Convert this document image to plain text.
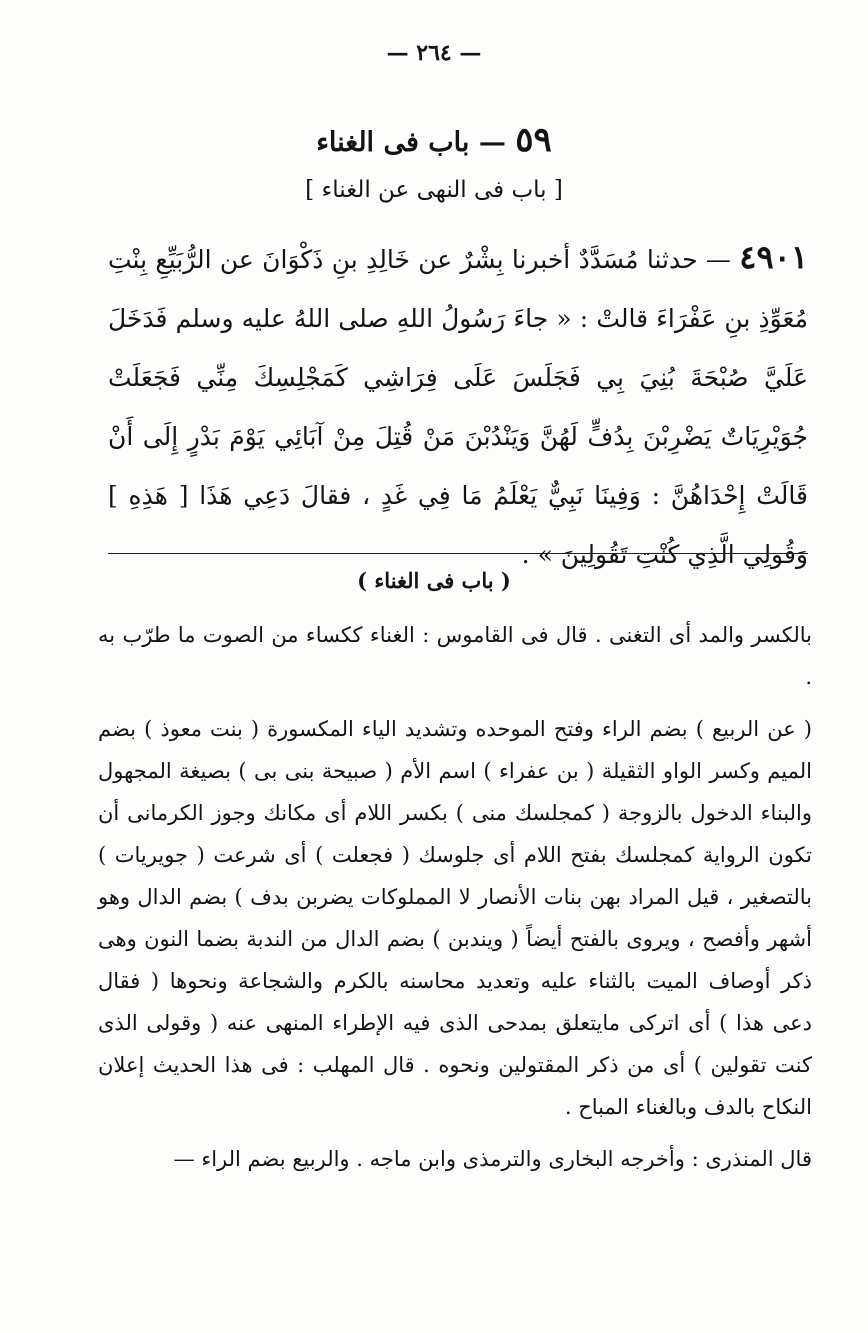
— ٢٦٤ —
٥٩ — باب فى الغناء
[ باب فى النهى عن الغناء ]
٤٩٠١ — حدثنا مُسَدَّدٌ أخبرنا بِشْرٌ عن خَالِدِ بنِ ذَكْوَانَ عن الرُّبَيِّعِ بِنْتِ مُعَوِّذِ بنِ عَفْرَاءَ قالتْ : « جاءَ رَسُولُ اللهِ صلى اللهُ عليه وسلم فَدَخَلَ عَلَيَّ صُبْحَةَ بُنِيَ بِي فَجَلَسَ عَلَى فِرَاشِي كَمَجْلِسِكَ مِنِّي فَجَعَلَتْ جُوَيْرِيَاتٌ يَضْرِبْنَ بِدُفٍّ لَهُنَّ وَيَنْدُبْنَ مَنْ قُتِلَ مِنْ آبَائِي يَوْمَ بَدْرٍ إِلَى أَنْ قَالَتْ إِحْدَاهُنَّ : وَفِينَا نَبِيٌّ يَعْلَمُ مَا فِي غَدٍ ، فقالَ دَعِي هَذَا [ هَذِهِ ] وَقُولِي الَّذِي كُنْتِ تَقُولِينَ » .
( باب فى الغناء )

بالكسر والمد أى التغنى . قال فى القاموس : الغناء ككساء من الصوت ما طرّب به .

( عن الربيع ) بضم الراء وفتح الموحده وتشديد الياء المكسورة ( بنت معوذ ) بضم الميم وكسر الواو الثقيلة ( بن عفراء ) اسم الأم ( صبيحة بنى بى ) بصيغة المجهول والبناء الدخول بالزوجة ( كمجلسك منى ) بكسر اللام أى مكانك وجوز الكرمانى أن تكون الرواية كمجلسك بفتح اللام أى جلوسك ( فجعلت ) أى شرعت ( جويريات ) بالتصغير ، قيل المراد بهن بنات الأنصار لا المملوكات يضربن بدف ) بضم الدال وهو أشهر وأفصح ، ويروى بالفتح أيضاً ( ويندبن ) بضم الدال من الندبة بضما النون وهى ذكر أوصاف الميت بالثناء عليه وتعديد محاسنه بالكرم والشجاعة ونحوها ( فقال دعى هذا ) أى اتركى مايتعلق بمدحى الذى فيه الإطراء المنهى عنه ( وقولى الذى كنت تقولين ) أى من ذكر المقتولين ونحوه . قال المهلب : فى هذا الحديث إعلان النكاح بالدف وبالغناء المباح .

قال المنذرى : وأخرجه البخارى والترمذى وابن ماجه . والربيع بضم الراء —
